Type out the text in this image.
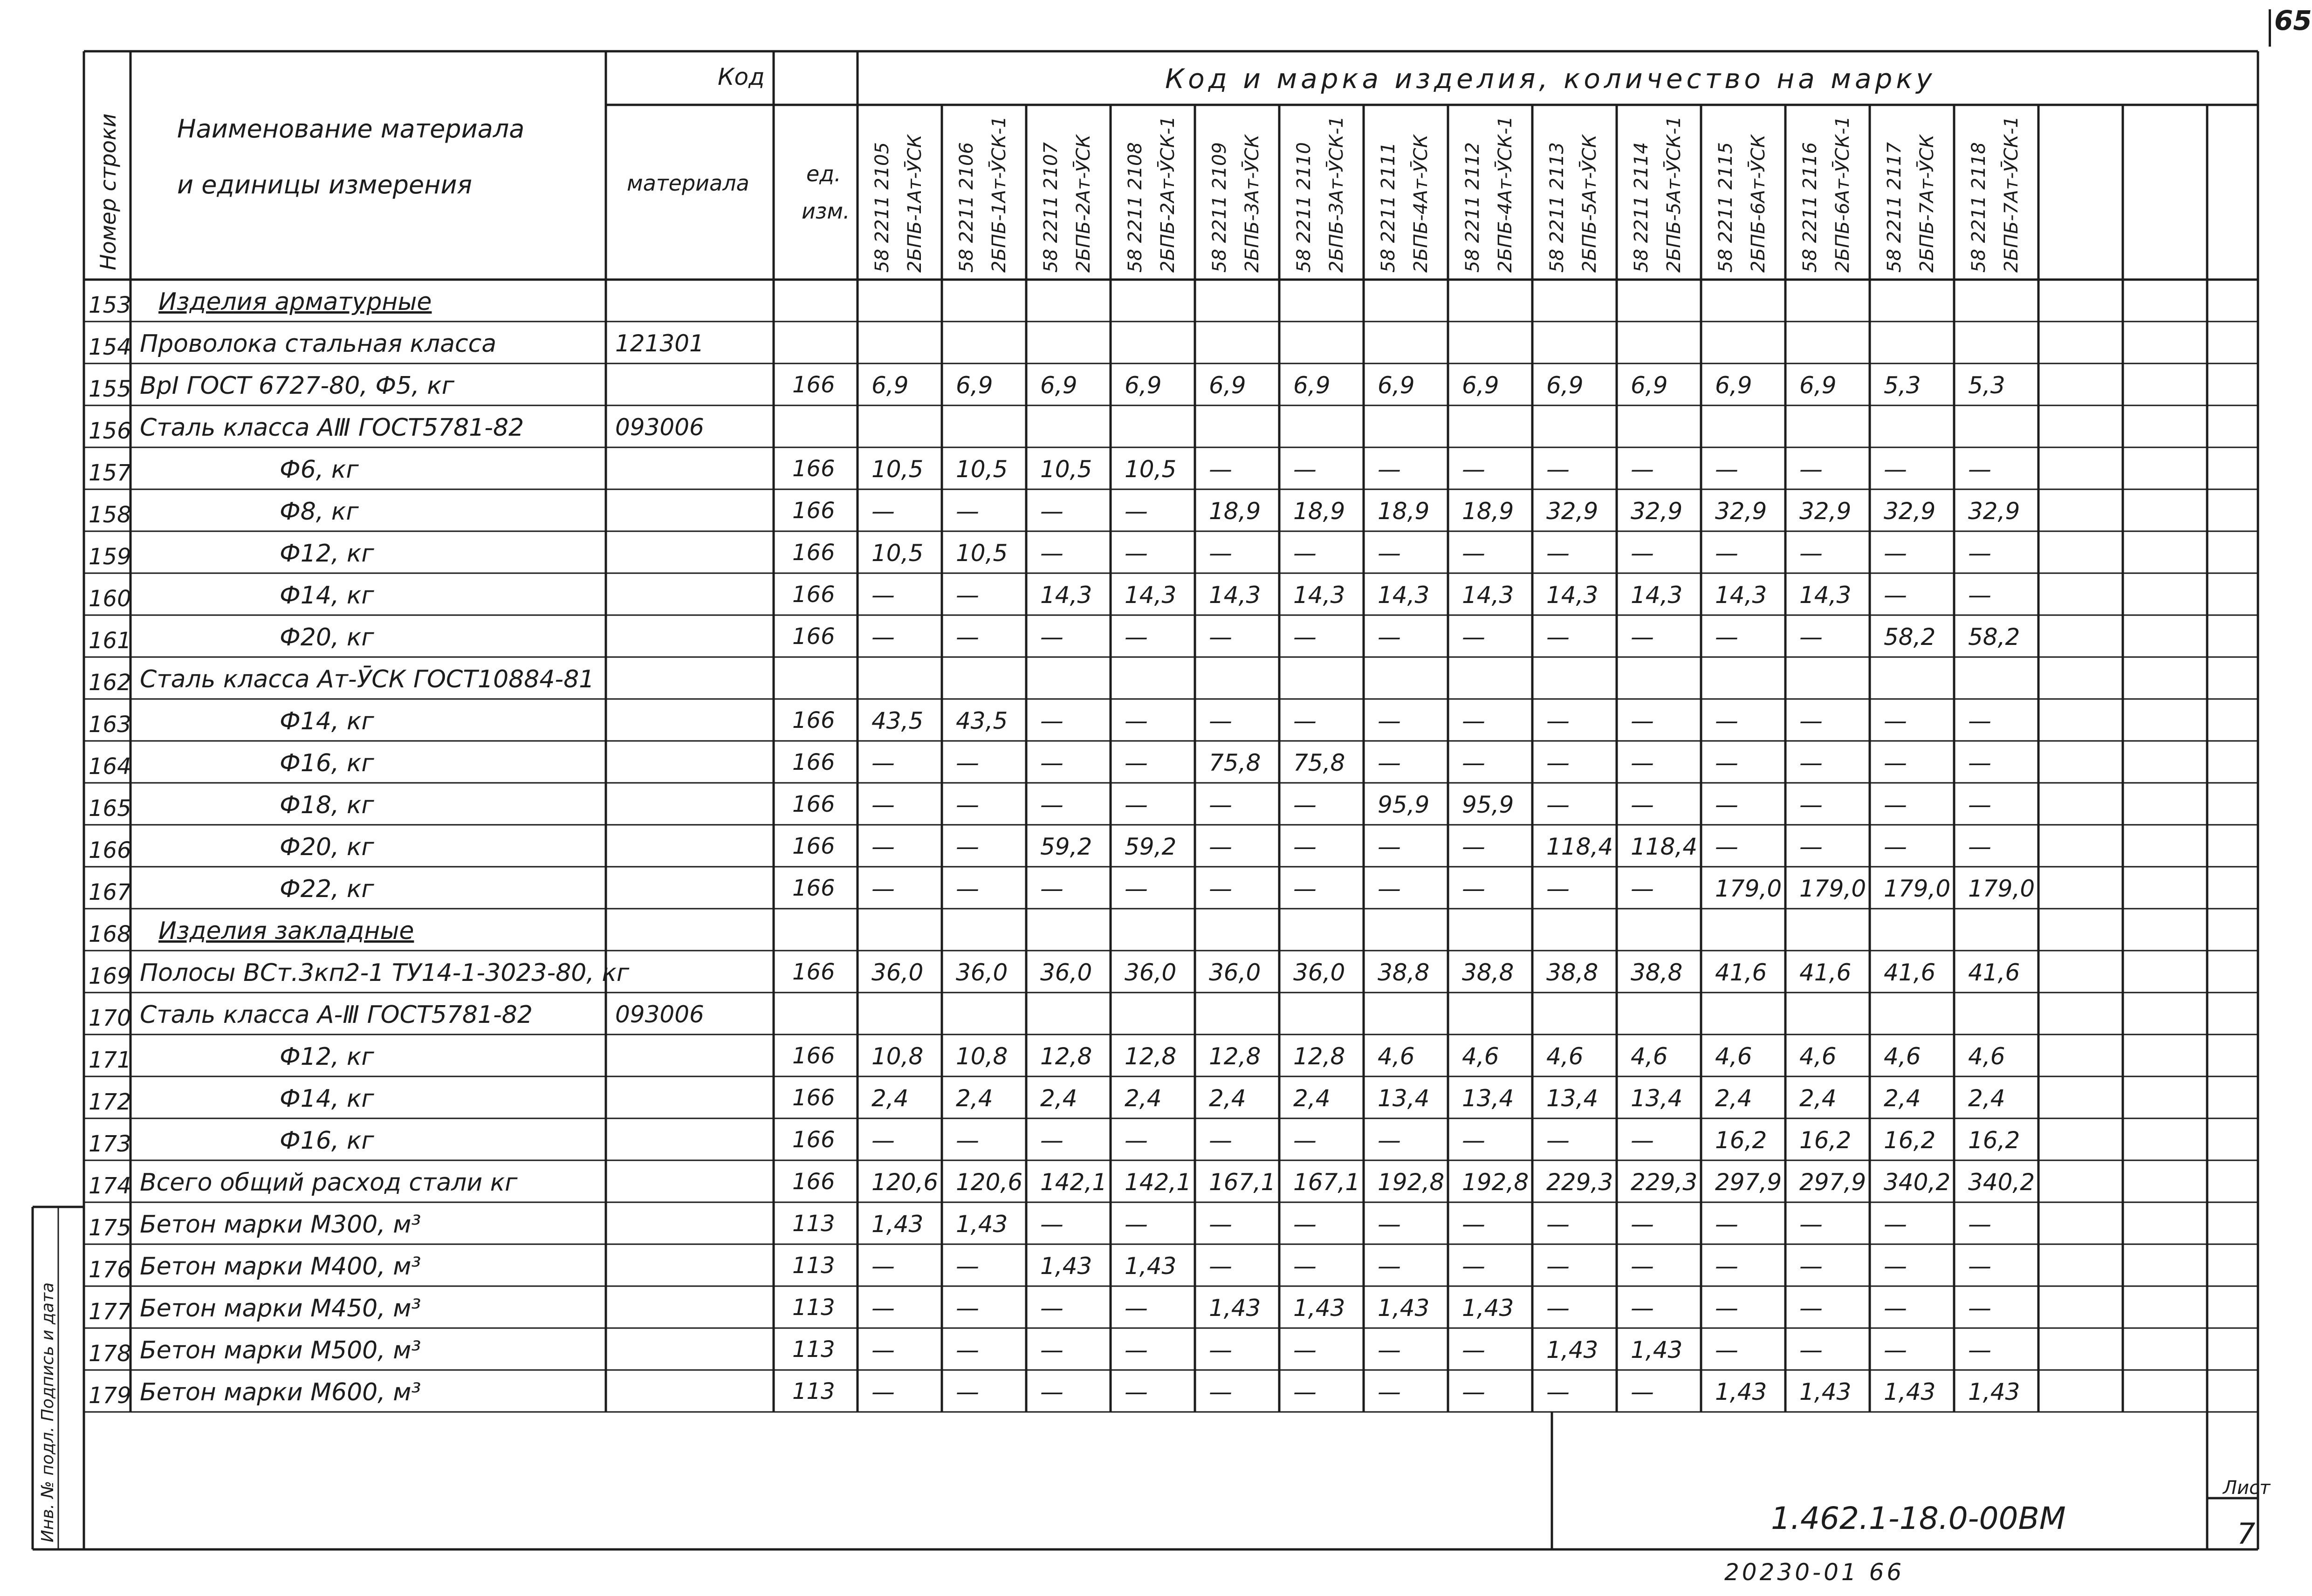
65
Номер строки Наименование материала
и единицы измерения
Код
материала	ед.
изм.
Код и марка изделия, количество на марку
58 2211 2105 2БПБ-1Ат-ӮСК 58 2211 2106 2БПБ-1Ат-ӮСК-1 58 2211 2107 2БПБ-2Ат-ӮСК 58 2211 2108 2БПБ-2Ат-ӮСК-1 58 2211 2109 2БПБ-3Ат-ӮСК 58 2211 2110 2БПБ-3Ат-ӮСК-1 58 2211 2111 2БПБ-4Ат-ӮСК 58 2211 2112 2БПБ-4Ат-ӮСК-1 58 2211 2113 2БПБ-5Ат-ӮСК 58 2211 2114 2БПБ-5Ат-ӮСК-1 58 2211 2115 2БПБ-6Ат-ӮСК 58 2211 2116 2БПБ-6Ат-ӮСК-1 58 2211 2117 2БПБ-7Ат-ӮСК 58 2211 2118 2БПБ-7Ат-ӮСК-1
153 Изделия арматурные
154 Проволока стальная класса	121301
155 ВрⅠ ГОСТ 6727-80, Ф5, кг	166 6,9 6,9 6,9 6,9 6,9 6,9 6,9 6,9 6,9 6,9 6,9 6,9 5,3 5,3
156 Сталь класса АⅢ ГОСТ5781-82	093006
157	Ф6, кг	166 10,5 10,5 10,5 10,5 —	—	—	—	—	—	—	—	—	—
158	Ф8, кг	166 —	—	—	—	18,9 18,9 18,9 18,9 32,9 32,9 32,9 32,9 32,9 32,9
159	Ф12, кг	166 10,5 10,5 —	—	—	—	—	—	—	—	—	—	—	—
160	Ф14, кг	166 —	—	14,3 14,3 14,3 14,3 14,3 14,3 14,3 14,3 14,3 14,3 —	—
161	Ф20, кг	166 —	—	—	—	—	—	—	—	—	—	—	—	58,2 58,2
162 Сталь класса Ат-ӮСК ГОСТ10884-81
163	Ф14, кг	166 43,5 43,5 —	—	—	—	—	—	—	—	—	—	—	—
164	Ф16, кг	166 —	—	—	—	75,8 75,8 —	—	—	—	—	—	—	—
165	Ф18, кг	166 —	—	—	—	—	—	95,9 95,9 —	—	—	—	—	—
166	Ф20, кг	166 —	—	59,2 59,2 —	—	—	—	118,4 118,4 —	—	—	—
167	Ф22, кг	166 —	—	—	—	—	—	—	—	—	—	179,0 179,0 179,0 179,0
168 Изделия закладные
169 Полосы ВСт.3кп2-1 ТУ14-1-3023-80, кг	166 36,0 36,0 36,0 36,0 36,0 36,0 38,8 38,8 38,8 38,8 41,6 41,6 41,6 41,6
170 Сталь класса А-Ⅲ ГОСТ5781-82	093006
171	Ф12, кг	166 10,8 10,8 12,8 12,8 12,8 12,8 4,6 4,6 4,6 4,6 4,6 4,6 4,6 4,6
172	Ф14, кг	166 2,4 2,4 2,4 2,4 2,4 2,4 13,4 13,4 13,4 13,4 2,4 2,4 2,4 2,4
173	Ф16, кг	166 —	—	—	—	—	—	—	—	—	—	16,2 16,2 16,2 16,2
174 Всего общий расход стали кг	166 120,6 120,6 142,1 142,1 167,1 167,1 192,8 192,8 229,3 229,3 297,9 297,9 340,2 340,2
175 Бетон марки М300, м³	113 1,43 1,43 —	—	—	—	—	—	—	—	—	—	—	—
176 Бетон марки М400, м³	113 —	—	1,43 1,43 —	—	—	—	—	—	—	—	—	—
177 Бетон марки М450, м³	113 —	—	—	—	1,43 1,43 1,43 1,43 —	—	—	—	—	—
178 Бетон марки М500, м³	113 —	—	—	—	—	—	—	—	1,43 1,43 —	—	—	—
179 Бетон марки М600, м³	113 —	—	—	—	—	—	—	—	—	—	1,43 1,43 1,43 1,43
Лист
7
1.462.1-18.0-00ВМ
20230-01 66
Инв. № подл. Подпись и дата
